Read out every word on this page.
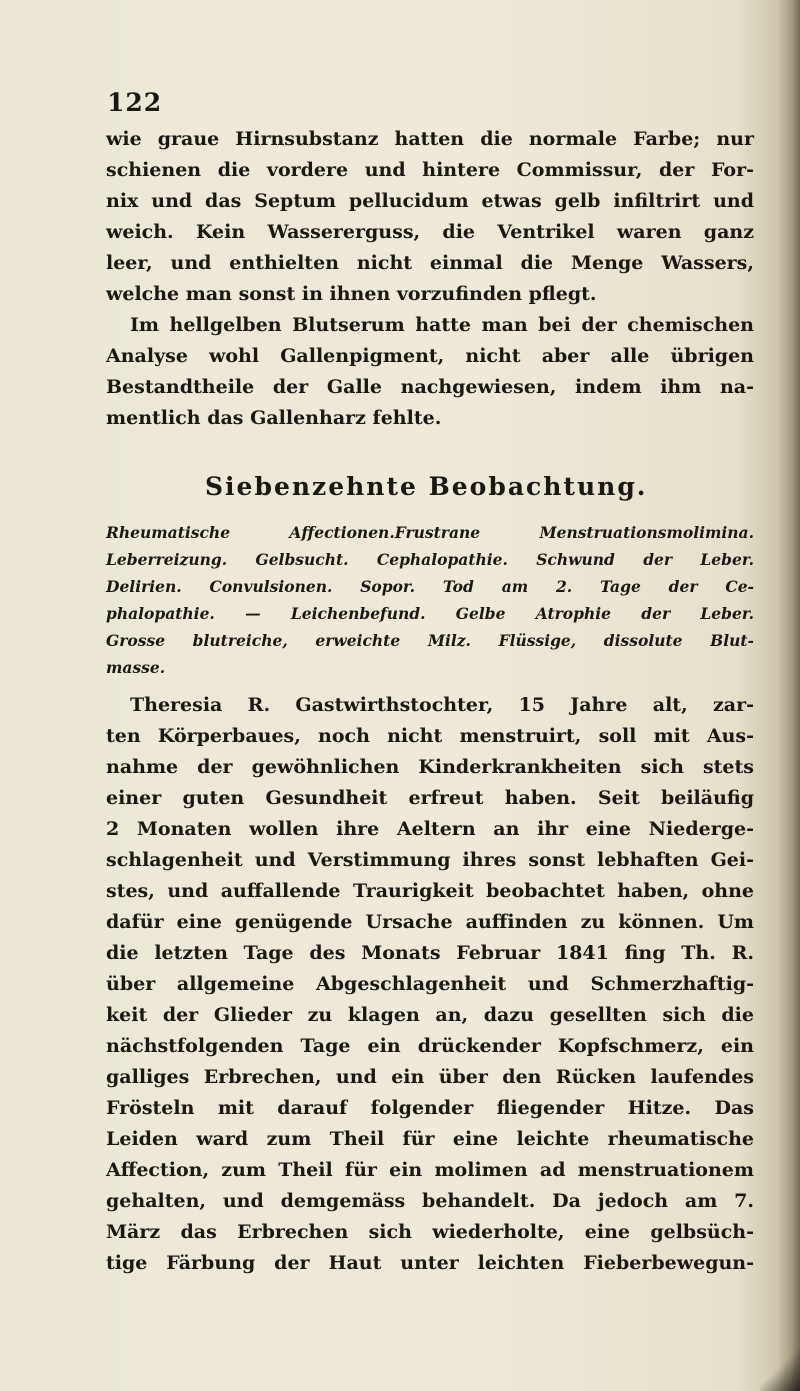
122
wie graue Hirnsubstanz hatten die normale Farbe; nur
schienen die vordere und hintere Commissur, der For-
nix und das Septum pellucidum etwas gelb infiltrirt und
weich. Kein Wassererguss, die Ventrikel waren ganz
leer, und enthielten nicht einmal die Menge Wassers,
welche man sonst in ihnen vorzufinden pflegt.
Im hellgelben Blutserum hatte man bei der chemischen
Analyse wohl Gallenpigment, nicht aber alle übrigen
Bestandtheile der Galle nachgewiesen, indem ihm na-
mentlich das Gallenharz fehlte.
Siebenzehnte Beobachtung.
Rheumatische Affectionen.Frustrane Menstruationsmolimina.
Leberreizung. Gelbsucht. Cephalopathie. Schwund der Leber.
Delirien. Convulsionen. Sopor. Tod am 2. Tage der Ce-
phalopathie. — Leichenbefund. Gelbe Atrophie der Leber.
Grosse blutreiche, erweichte Milz. Flüssige, dissolute Blut-
masse.
Theresia R. Gastwirthstochter, 15 Jahre alt, zar-
ten Körperbaues, noch nicht menstruirt, soll mit Aus-
nahme der gewöhnlichen Kinderkrankheiten sich stets
einer guten Gesundheit erfreut haben. Seit beiläufig
2 Monaten wollen ihre Aeltern an ihr eine Niederge-
schlagenheit und Verstimmung ihres sonst lebhaften Gei-
stes, und auffallende Traurigkeit beobachtet haben, ohne
dafür eine genügende Ursache auffinden zu können. Um
die letzten Tage des Monats Februar 1841 fing Th. R.
über allgemeine Abgeschlagenheit und Schmerzhaftig-
keit der Glieder zu klagen an, dazu gesellten sich die
nächstfolgenden Tage ein drückender Kopfschmerz, ein
galliges Erbrechen, und ein über den Rücken laufendes
Frösteln mit darauf folgender fliegender Hitze. Das
Leiden ward zum Theil für eine leichte rheumatische
Affection, zum Theil für ein molimen ad menstruationem
gehalten, und demgemäss behandelt. Da jedoch am 7.
März das Erbrechen sich wiederholte, eine gelbsüch-
tige Färbung der Haut unter leichten Fieberbewegun-
